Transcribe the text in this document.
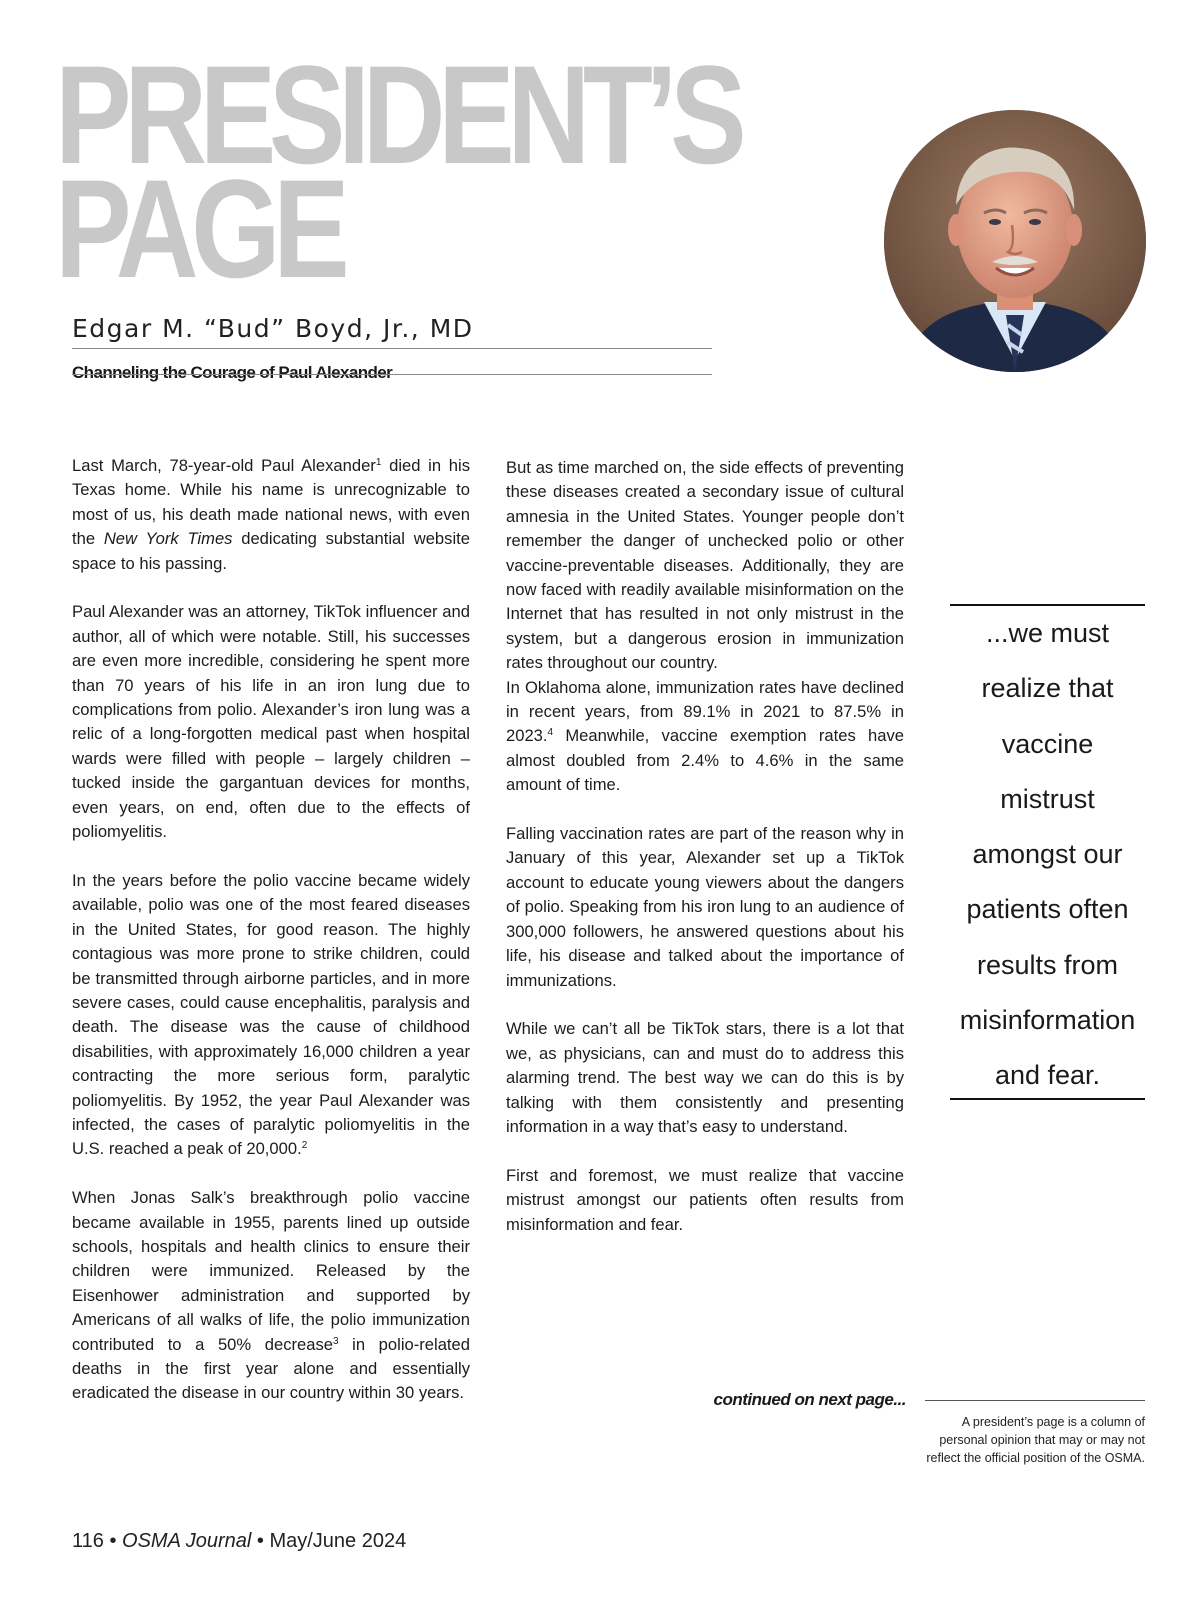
PRESIDENT’S
PAGE
Edgar M. “Bud” Boyd, Jr., MD
Channeling the Courage of Paul Alexander

Last March, 78-year-old Paul Alexander$^1$ died in his Texas home. While his name is unrecognizable to most of us, his death made national news, with even the New York Times dedicating substantial website space to his passing.

Paul Alexander was an attorney, TikTok influencer and author, all of which were notable. Still, his successes are even more incredible, considering he spent more than 70 years of his life in an iron lung due to complications from polio. Alexander’s iron lung was a relic of a long-forgotten medical past when hospital wards were filled with people – largely children – tucked inside the gargantuan devices for months, even years, on end, often due to the effects of poliomyelitis.

In the years before the polio vaccine became widely available, polio was one of the most feared diseases in the United States, for good reason. The highly contagious was more prone to strike children, could be transmitted through airborne particles, and in more severe cases, could cause encephalitis, paralysis and death. The disease was the cause of childhood disabilities, with approximately 16,000 children a year contracting the more serious form, paralytic poliomyelitis. By 1952, the year Paul Alexander was infected, the cases of paralytic poliomyelitis in the U.S. reached a peak of 20,000.$^2$

When Jonas Salk’s breakthrough polio vaccine became available in 1955, parents lined up outside schools, hospitals and health clinics to ensure their children were immunized. Released by the Eisenhower administration and supported by Americans of all walks of life, the polio immunization contributed to a 50% decrease$^3$ in polio-related deaths in the first year alone and essentially eradicated the disease in our country within 30 years.

But as time marched on, the side effects of preventing these diseases created a secondary issue of cultural amnesia in the United States. Younger people don’t remember the danger of unchecked polio or other vaccine-preventable diseases. Additionally, they are now faced with readily available misinformation on the Internet that has resulted in not only mistrust in the system, but a dangerous erosion in immunization rates throughout our country.

In Oklahoma alone, immunization rates have declined in recent years, from 89.1% in 2021 to 87.5% in 2023.$^4$ Meanwhile, vaccine exemption rates have almost doubled from 2.4% to 4.6% in the same amount of time.

Falling vaccination rates are part of the reason why in January of this year, Alexander set up a TikTok account to educate young viewers about the dangers of polio. Speaking from his iron lung to an audience of 300,000 followers, he answered questions about his life, his disease and talked about the importance of immunizations.

While we can’t all be TikTok stars, there is a lot that we, as physicians, can and must do to address this alarming trend. The best way we can do this is by talking with them consistently and presenting information in a way that’s easy to understand.

First and foremost, we must realize that vaccine mistrust amongst our patients often results from misinformation and fear.

...we must
realize that
vaccine
mistrust
amongst our
patients often
results from
misinformation
and fear.
continued on next page...
A president’s page is a column of personal opinion that may or may not reflect the official position of the OSMA.
116 • OSMA Journal • May/June 2024
